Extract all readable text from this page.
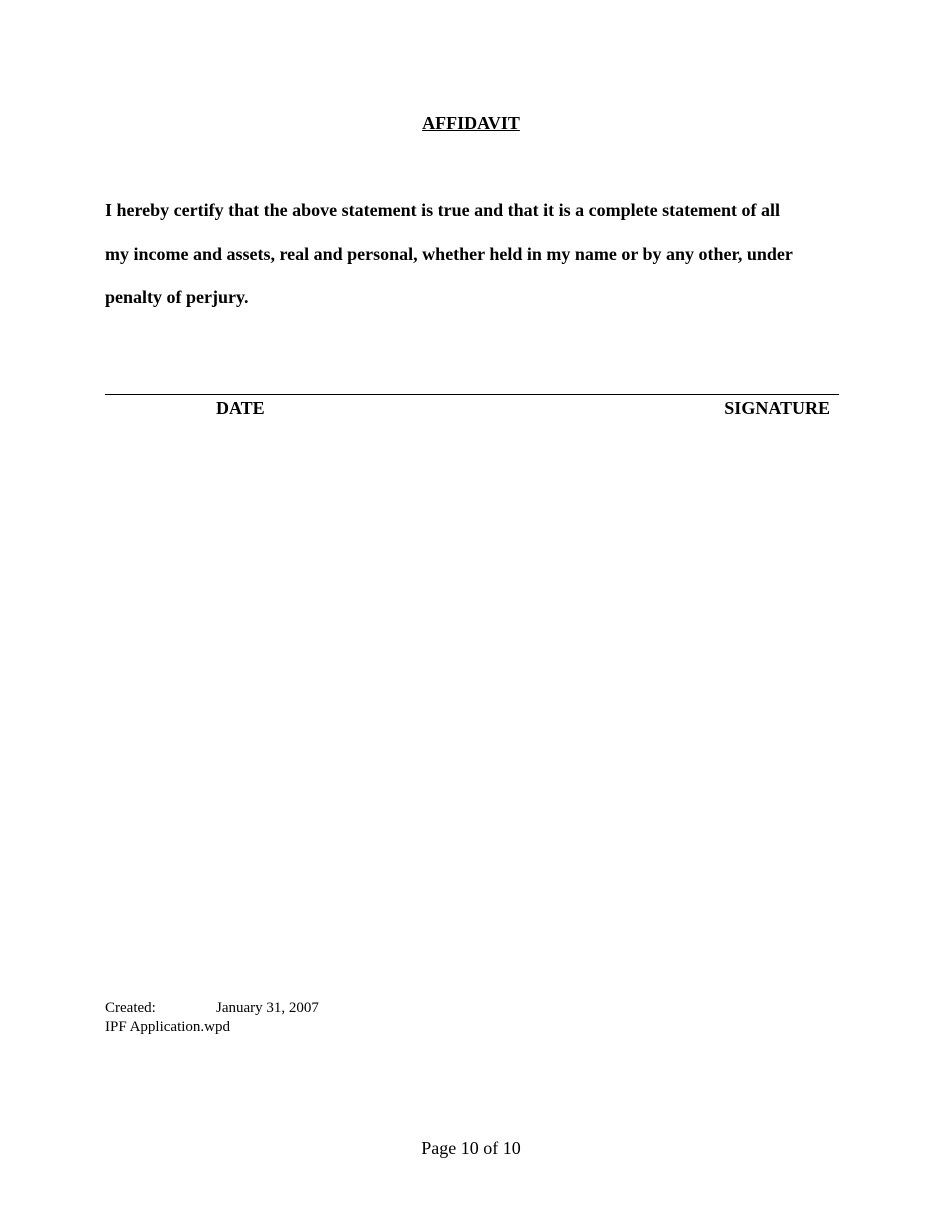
AFFIDAVIT
I hereby certify that the above statement is true and that it is a complete statement of all
my income and assets, real and personal, whether held in my name or by any other, under
penalty of perjury.
DATE	SIGNATURE
Created:	January 31, 2007
IPF Application.wpd
Page 10 of 10
